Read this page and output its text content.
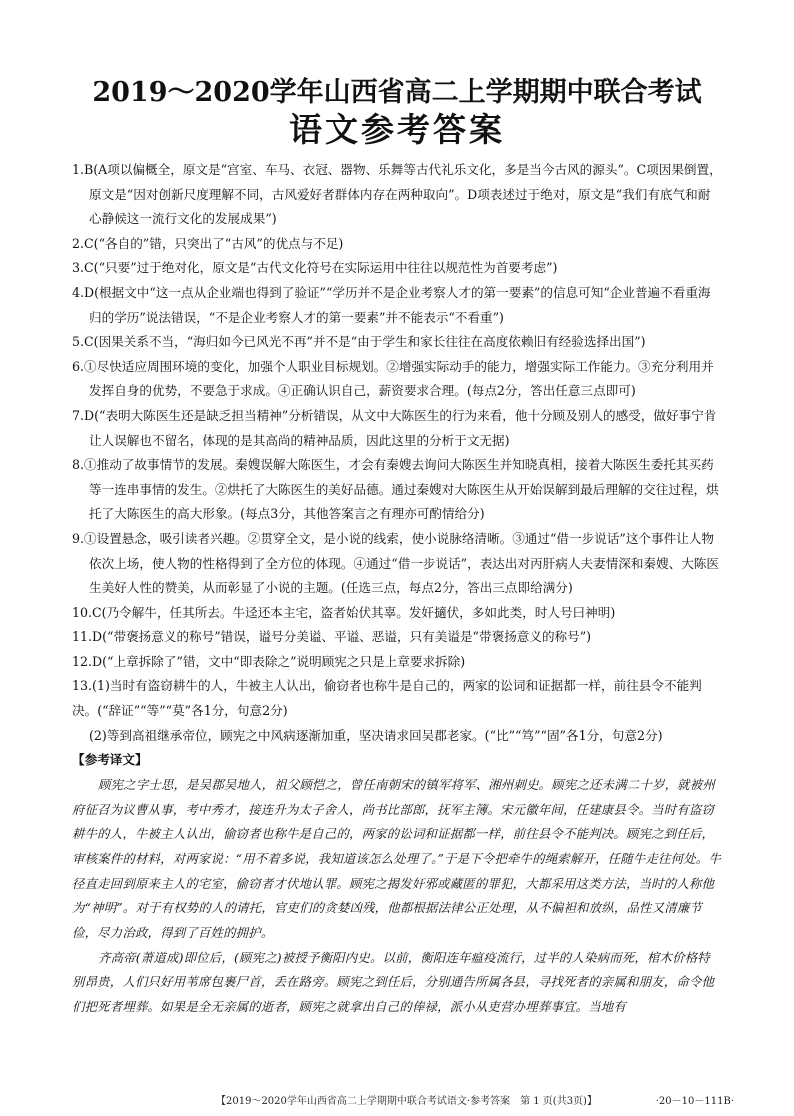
2019～2020学年山西省高二上学期期中联合考试
语文参考答案

1.B(A项以偏概全，原文是“宫室、车马、衣冠、器物、乐舞等古代礼乐文化，多是当今古风的源头”。C项因果倒置，原文是“因对创新尺度理解不同，古风爱好者群体内存在两种取向”。D项表述过于绝对，原文是“我们有底气和耐心静候这一流行文化的发展成果”)

2.C(“各自的”错，只突出了“古风”的优点与不足)

3.C(“只要”过于绝对化，原文是“古代文化符号在实际运用中往往以规范性为首要考虑”)

4.D(根据文中“这一点从企业端也得到了验证”“学历并不是企业考察人才的第一要素”的信息可知“企业普遍不看重海归的学历”说法错误，“不是企业考察人才的第一要素”并不能表示“不看重”)

5.C(因果关系不当，“海归如今已风光不再”并不是“由于学生和家长往往在高度依赖旧有经验选择出国”)

6.①尽快适应周围环境的变化，加强个人职业目标规划。②增强实际动手的能力，增强实际工作能力。③充分利用并发挥自身的优势，不要急于求成。④正确认识自己，薪资要求合理。(每点2分，答出任意三点即可)

7.D(“表明大陈医生还是缺乏担当精神”分析错误，从文中大陈医生的行为来看，他十分顾及别人的感受，做好事宁肯让人误解也不留名，体现的是其高尚的精神品质，因此这里的分析于文无据)

8.①推动了故事情节的发展。秦嫂误解大陈医生，才会有秦嫂去询问大陈医生并知晓真相，接着大陈医生委托其买药等一连串事情的发生。②烘托了大陈医生的美好品德。通过秦嫂对大陈医生从开始误解到最后理解的交往过程，烘托了大陈医生的高大形象。(每点3分，其他答案言之有理亦可酌情给分)

9.①设置悬念，吸引读者兴趣。②贯穿全文，是小说的线索，使小说脉络清晰。③通过“借一步说话”这个事件让人物依次上场，使人物的性格得到了全方位的体现。④通过“借一步说话”，表达出对丙肝病人夫妻情深和秦嫂、大陈医生美好人性的赞美，从而彰显了小说的主题。(任选三点，每点2分，答出三点即给满分)

10.C(乃令解牛，任其所去。牛迳还本主宅，盗者始伏其辜。发奸擿伏，多如此类，时人号曰神明)

11.D(“带褒扬意义的称号”错误，谥号分美谥、平谥、恶谥，只有美谥是“带褒扬意义的称号”)

12.D(“上章拆除了”错，文中“即表除之”说明顾宪之只是上章要求拆除)

13.(1)当时有盗窃耕牛的人，牛被主人认出，偷窃者也称牛是自己的，两家的讼词和证据都一样，前往县令不能判决。(“辞证”“等”“莫”各1分，句意2分)

(2)等到高祖继承帝位，顾宪之中风病逐渐加重，坚决请求回吴郡老家。(“比”“笃”“固”各1分，句意2分)

【参考译文】

顾宪之字士思，是吴郡吴地人，祖父顾恺之，曾任南朝宋的镇军将军、湘州刺史。顾宪之还未满二十岁，就被州府征召为议曹从事，考中秀才，接连升为太子舍人，尚书比部郎，抚军主簿。宋元徽年间，任建康县令。当时有盗窃耕牛的人，牛被主人认出，偷窃者也称牛是自己的，两家的讼词和证据都一样，前往县令不能判决。顾宪之到任后，审核案件的材料，对两家说：“用不着多说，我知道该怎么处理了。”于是下令把牵牛的绳索解开，任随牛走往何处。牛径直走回到原来主人的宅室，偷窃者才伏地认罪。顾宪之揭发奸邪或藏匿的罪犯，大都采用这类方法，当时的人称他为“神明”。对于有权势的人的请托，官吏们的贪婪凶残，他都根据法律公正处理，从不偏袒和放纵，品性又清廉节俭，尽力治政，得到了百姓的拥护。

齐高帝(萧道成)即位后，(顾宪之)被授予衡阳内史。以前，衡阳连年瘟疫流行，过半的人染病而死，棺木价格特别昂贵，人们只好用苇席包裹尸首，丢在路旁。顾宪之到任后，分别通告所属各县，寻找死者的亲属和朋友，命令他们把死者埋葬。如果是全无亲属的逝者，顾宪之就拿出自己的俸禄，派小从吏营办埋葬事宜。当地有

【2019～2020学年山西省高二上学期期中联合考试语文·参考答案　第 1 页(共3页)】	·20－10－111B·
